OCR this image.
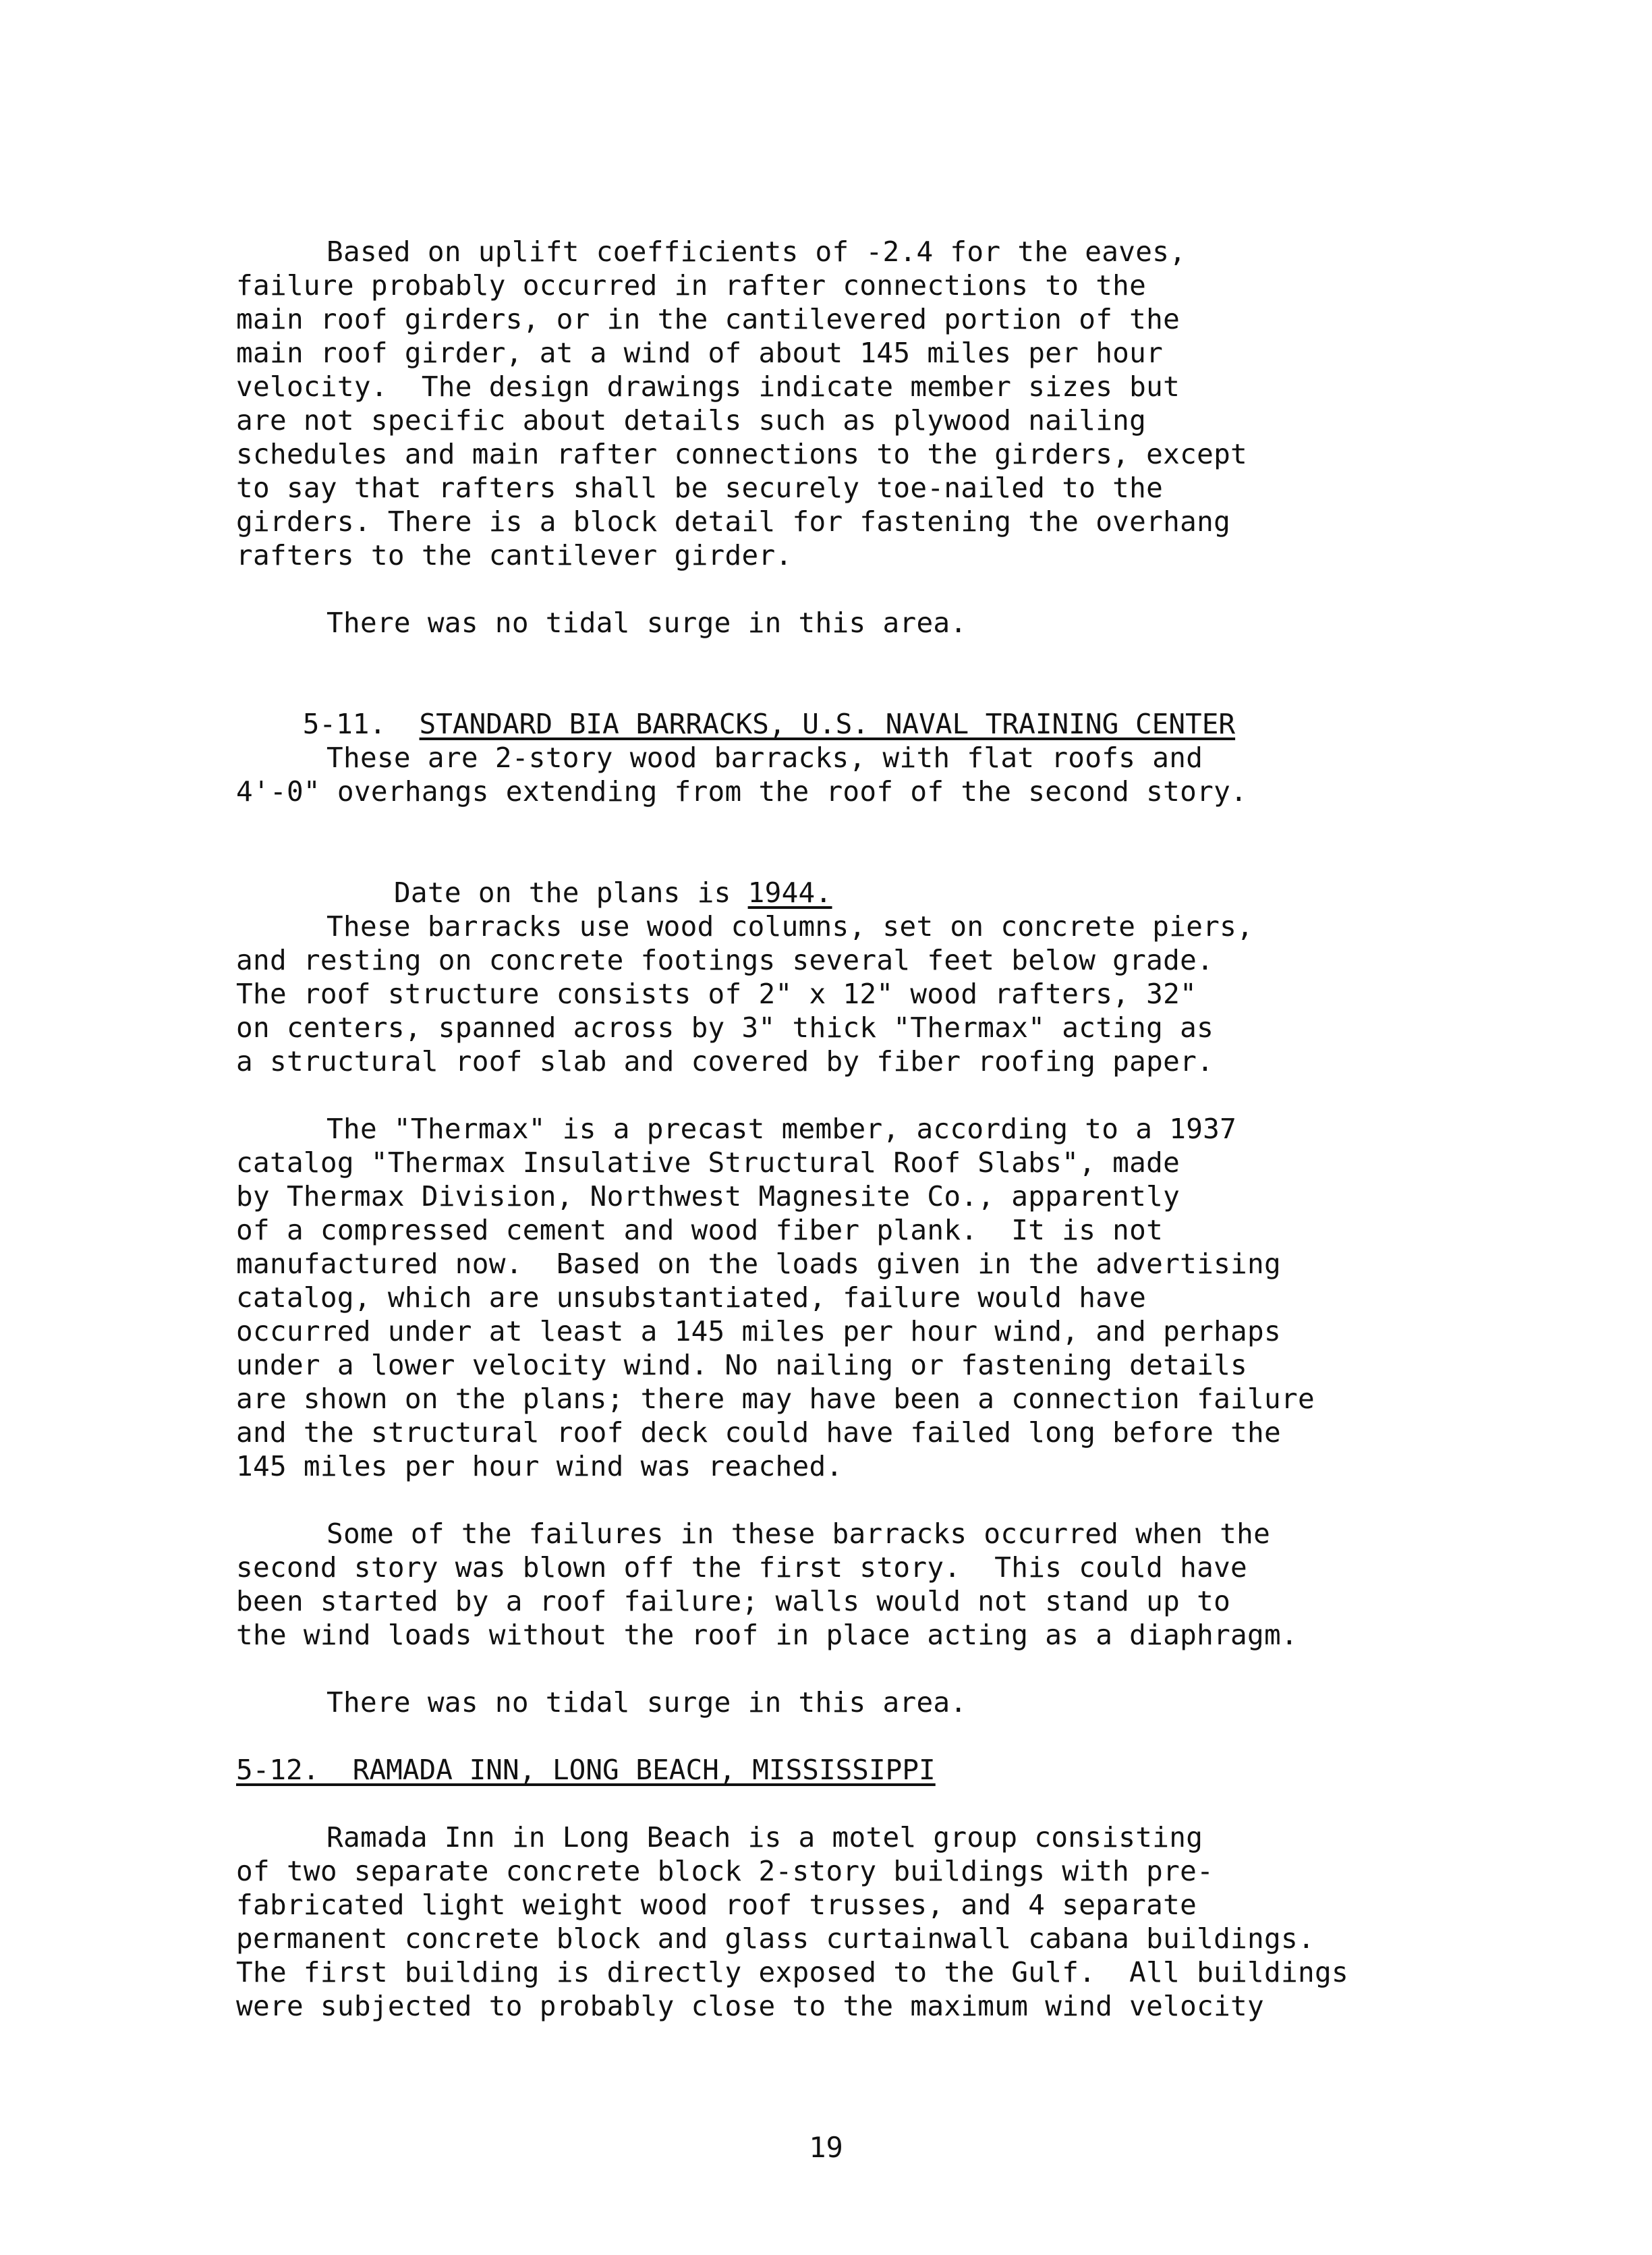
Based on uplift coefficients of -2.4 for the eaves,
failure probably occurred in rafter connections to the
main roof girders, or in the cantilevered portion of the
main roof girder, at a wind of about 145 miles per hour
velocity.  The design drawings indicate member sizes but
are not specific about details such as plywood nailing
schedules and main rafter connections to the girders, except
to say that rafters shall be securely toe-nailed to the
girders. There is a block detail for fastening the overhang
rafters to the cantilever girder.
There was no tidal surge in this area.

5-11. STANDARD BIA BARRACKS, U.S. NAVAL TRAINING CENTER

These are 2-story wood barracks, with flat roofs and
4'-0" overhangs extending from the roof of the second story.

Date on the plans is 1944.

These barracks use wood columns, set on concrete piers,
and resting on concrete footings several feet below grade.
The roof structure consists of 2" x 12" wood rafters, 32"
on centers, spanned across by 3" thick "Thermax" acting as
a structural roof slab and covered by fiber roofing paper.
The "Thermax" is a precast member, according to a 1937
catalog "Thermax Insulative Structural Roof Slabs", made
by Thermax Division, Northwest Magnesite Co., apparently
of a compressed cement and wood fiber plank.  It is not
manufactured now.  Based on the loads given in the advertising
catalog, which are unsubstantiated, failure would have
occurred under at least a 145 miles per hour wind, and perhaps
under a lower velocity wind. No nailing or fastening details
are shown on the plans; there may have been a connection failure
and the structural roof deck could have failed long before the
145 miles per hour wind was reached.
Some of the failures in these barracks occurred when the
second story was blown off the first story.  This could have
been started by a roof failure; walls would not stand up to
the wind loads without the roof in place acting as a diaphragm.
There was no tidal surge in this area.
5-12.  RAMADA INN, LONG BEACH, MISSISSIPPI
Ramada Inn in Long Beach is a motel group consisting
of two separate concrete block 2-story buildings with pre-
fabricated light weight wood roof trusses, and 4 separate
permanent concrete block and glass curtainwall cabana buildings.
The first building is directly exposed to the Gulf.  All buildings
were subjected to probably close to the maximum wind velocity
19
